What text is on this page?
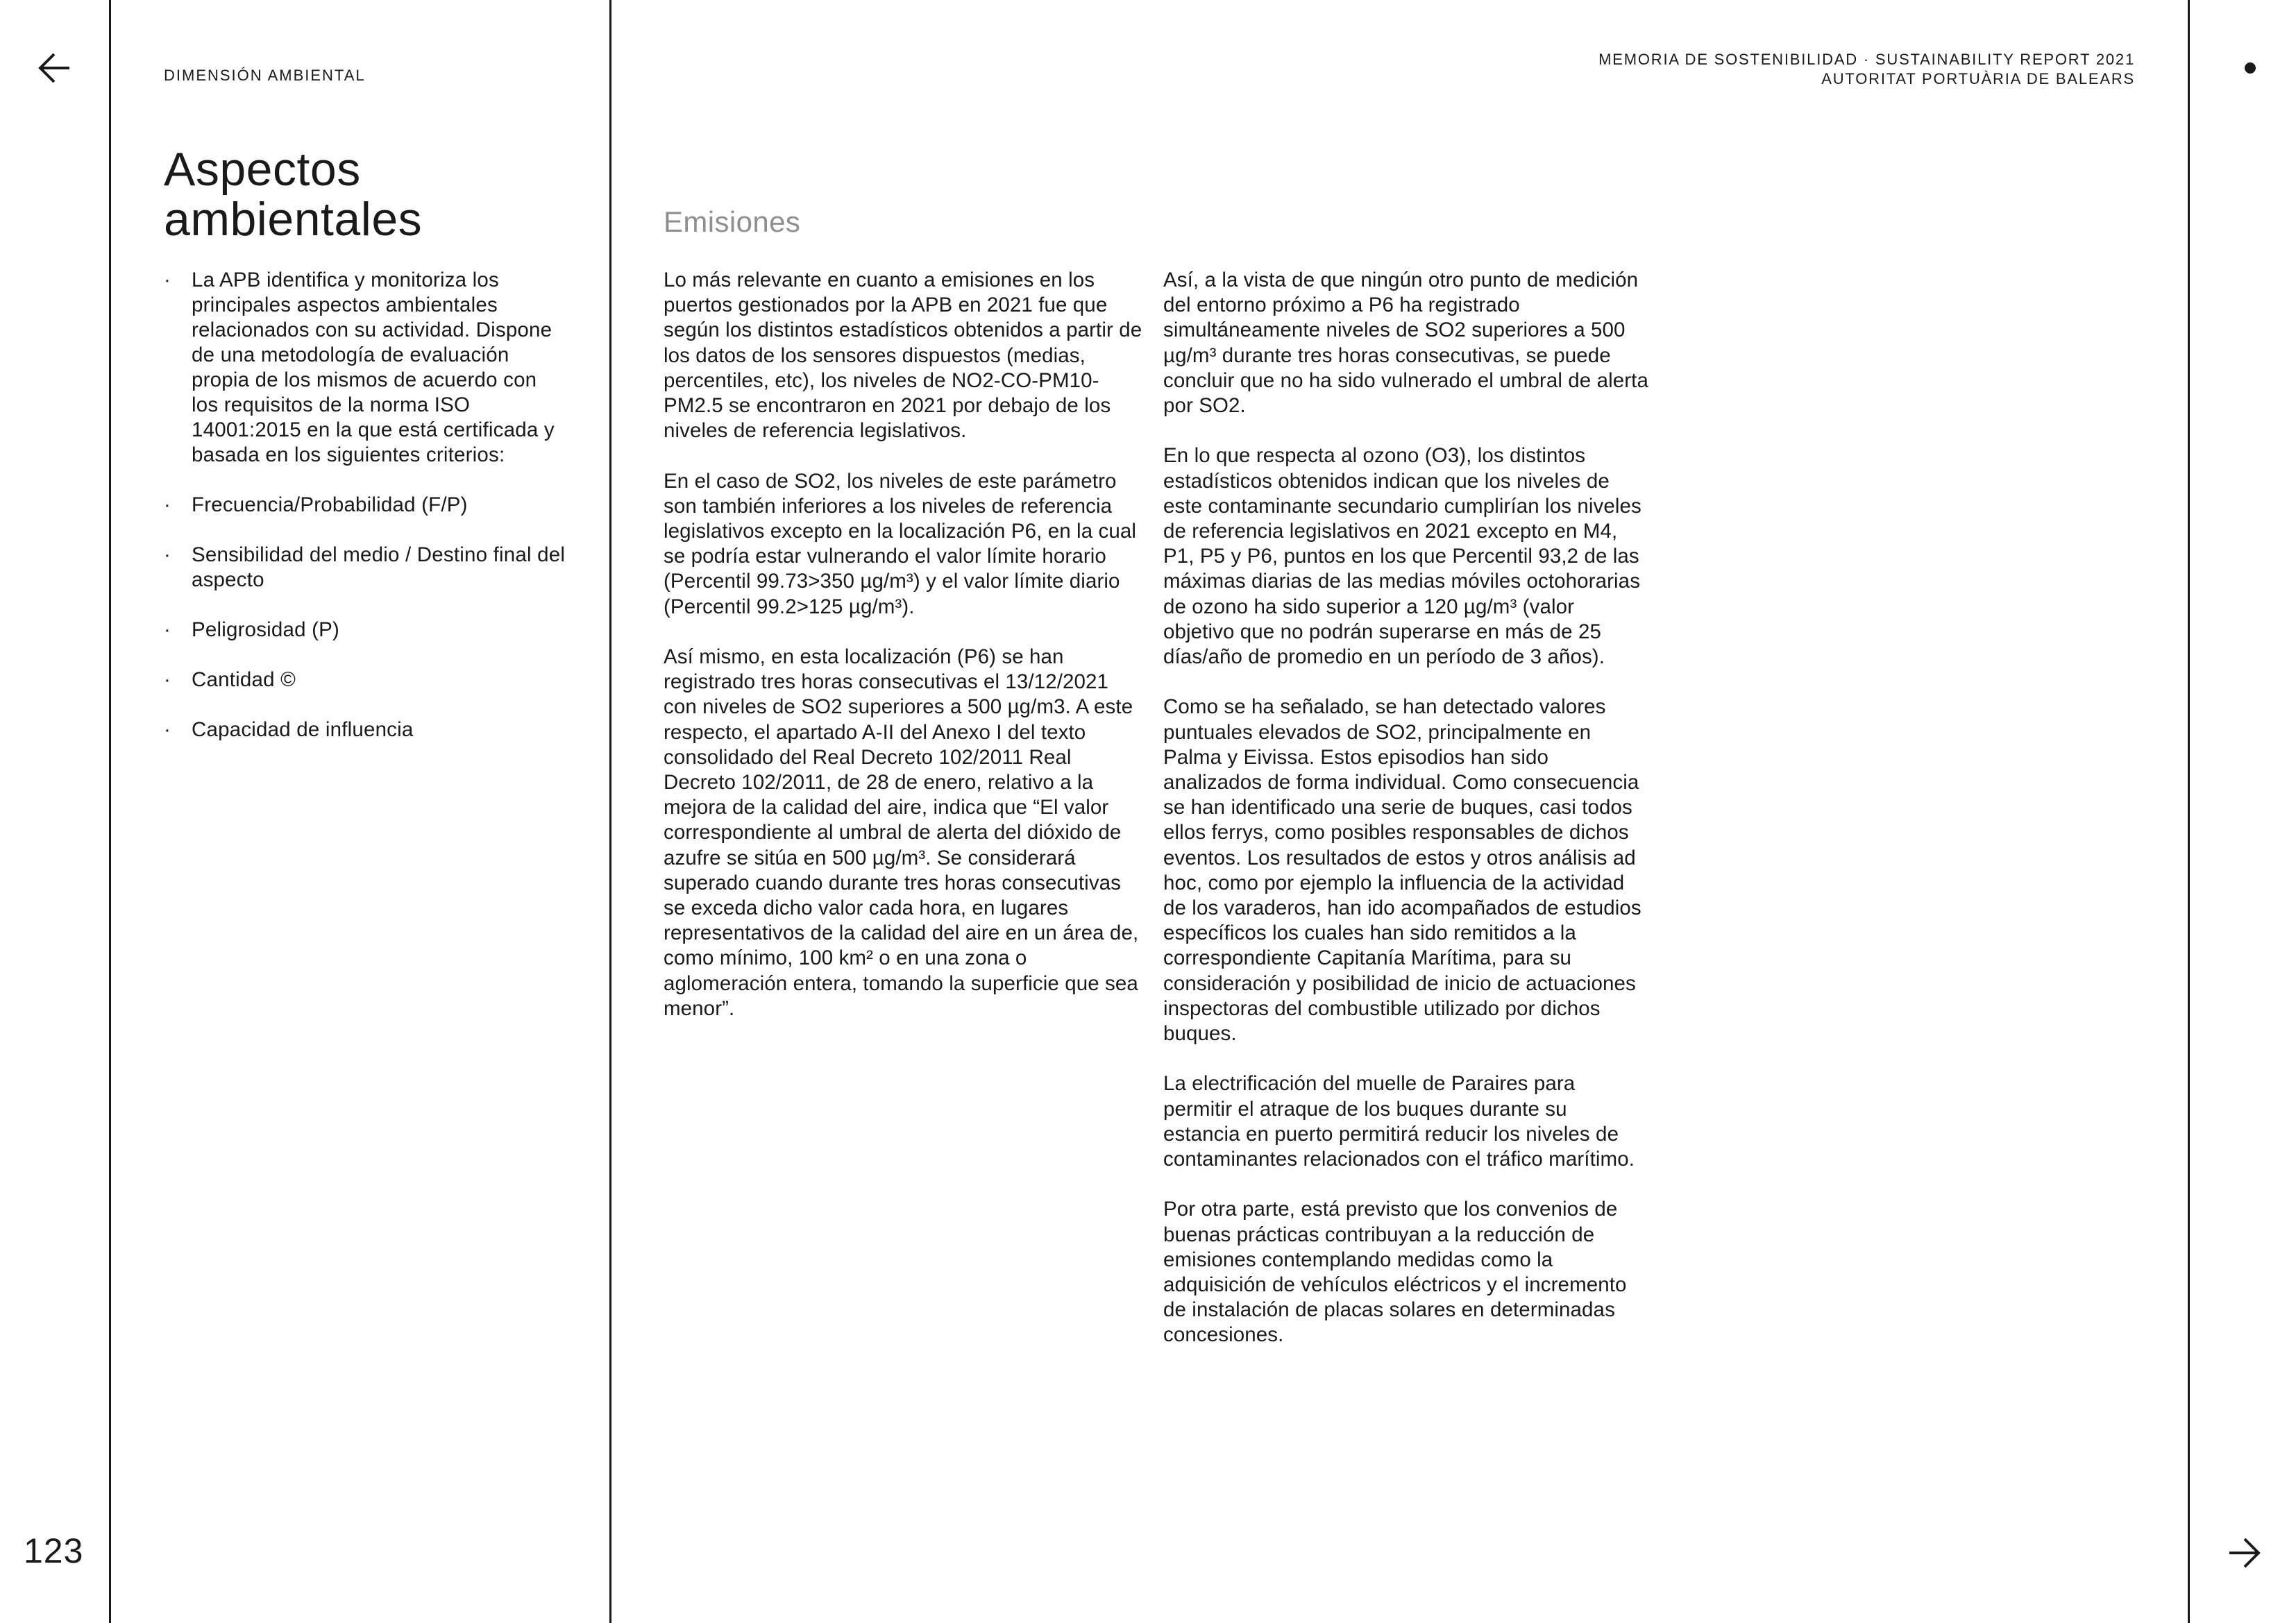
123
DIMENSIÓN AMBIENTAL
MEMORIA DE SOSTENIBILIDAD · SUSTAINABILITY REPORT 2021
AUTORITAT PORTUÀRIA DE BALEARS
Aspectos
ambientales
· La APB identifica y monitoriza los principales aspectos ambientales relacionados con su actividad. Dispone de una metodología de evaluación propia de los mismos de acuerdo con los requisitos de la norma ISO 14001:2015 en la que está certificada y basada en los siguientes criterios:
· Frecuencia/Probabilidad (F/P)
· Sensibilidad del medio / Destino final del aspecto
· Peligrosidad (P)
· Cantidad ©
· Capacidad de influencia
Emisiones

Lo más relevante en cuanto a emisiones en los puertos gestionados por la APB en 2021 fue que según los distintos estadísticos obtenidos a partir de los datos de los sensores dispuestos (medias, percentiles, etc), los niveles de NO2-CO-PM10-PM2.5 se encontraron en 2021 por debajo de los niveles de referencia legislativos.

En el caso de SO2, los niveles de este parámetro son también inferiores a los niveles de referencia legislativos excepto en la localización P6, en la cual se podría estar vulnerando el valor límite horario (Percentil 99.73>350 µg/m³) y el valor límite diario (Percentil 99.2>125 µg/m³).

Así mismo, en esta localización (P6) se han registrado tres horas consecutivas el 13/12/2021 con niveles de SO2 superiores a 500 µg/m3. A este respecto, el apartado A-II del Anexo I del texto consolidado del Real Decreto 102/2011 Real Decreto 102/2011, de 28 de enero, relativo a la mejora de la calidad del aire, indica que “El valor correspondiente al umbral de alerta del dióxido de azufre se sitúa en 500 µg/m³. Se considerará superado cuando durante tres horas consecutivas se exceda dicho valor cada hora, en lugares representativos de la calidad del aire en un área de, como mínimo, 100 km² o en una zona o aglomeración entera, tomando la superficie que sea menor”.

Así, a la vista de que ningún otro punto de medición del entorno próximo a P6 ha registrado simultáneamente niveles de SO2 superiores a 500 µg/m³ durante tres horas consecutivas, se puede concluir que no ha sido vulnerado el umbral de alerta por SO2.

En lo que respecta al ozono (O3), los distintos estadísticos obtenidos indican que los niveles de este contaminante secundario cumplirían los niveles de referencia legislativos en 2021 excepto en M4, P1, P5 y P6, puntos en los que Percentil 93,2 de las máximas diarias de las medias móviles octohorarias de ozono ha sido superior a 120 µg/m³ (valor objetivo que no podrán superarse en más de 25 días/año de promedio en un período de 3 años).

Como se ha señalado, se han detectado valores puntuales elevados de SO2, principalmente en Palma y Eivissa. Estos episodios han sido analizados de forma individual. Como consecuencia se han identificado una serie de buques, casi todos ellos ferrys, como posibles responsables de dichos eventos. Los resultados de estos y otros análisis ad hoc, como por ejemplo la influencia de la actividad de los varaderos, han ido acompañados de estudios específicos los cuales han sido remitidos a la correspondiente Capitanía Marítima, para su consideración y posibilidad de inicio de actuaciones inspectoras del combustible utilizado por dichos buques.

La electrificación del muelle de Paraires para permitir el atraque de los buques durante su estancia en puerto permitirá reducir los niveles de contaminantes relacionados con el tráfico marítimo.

Por otra parte, está previsto que los convenios de buenas prácticas contribuyan a la reducción de emisiones contemplando medidas como la adquisición de vehículos eléctricos y el incremento de instalación de placas solares en determinadas concesiones.
